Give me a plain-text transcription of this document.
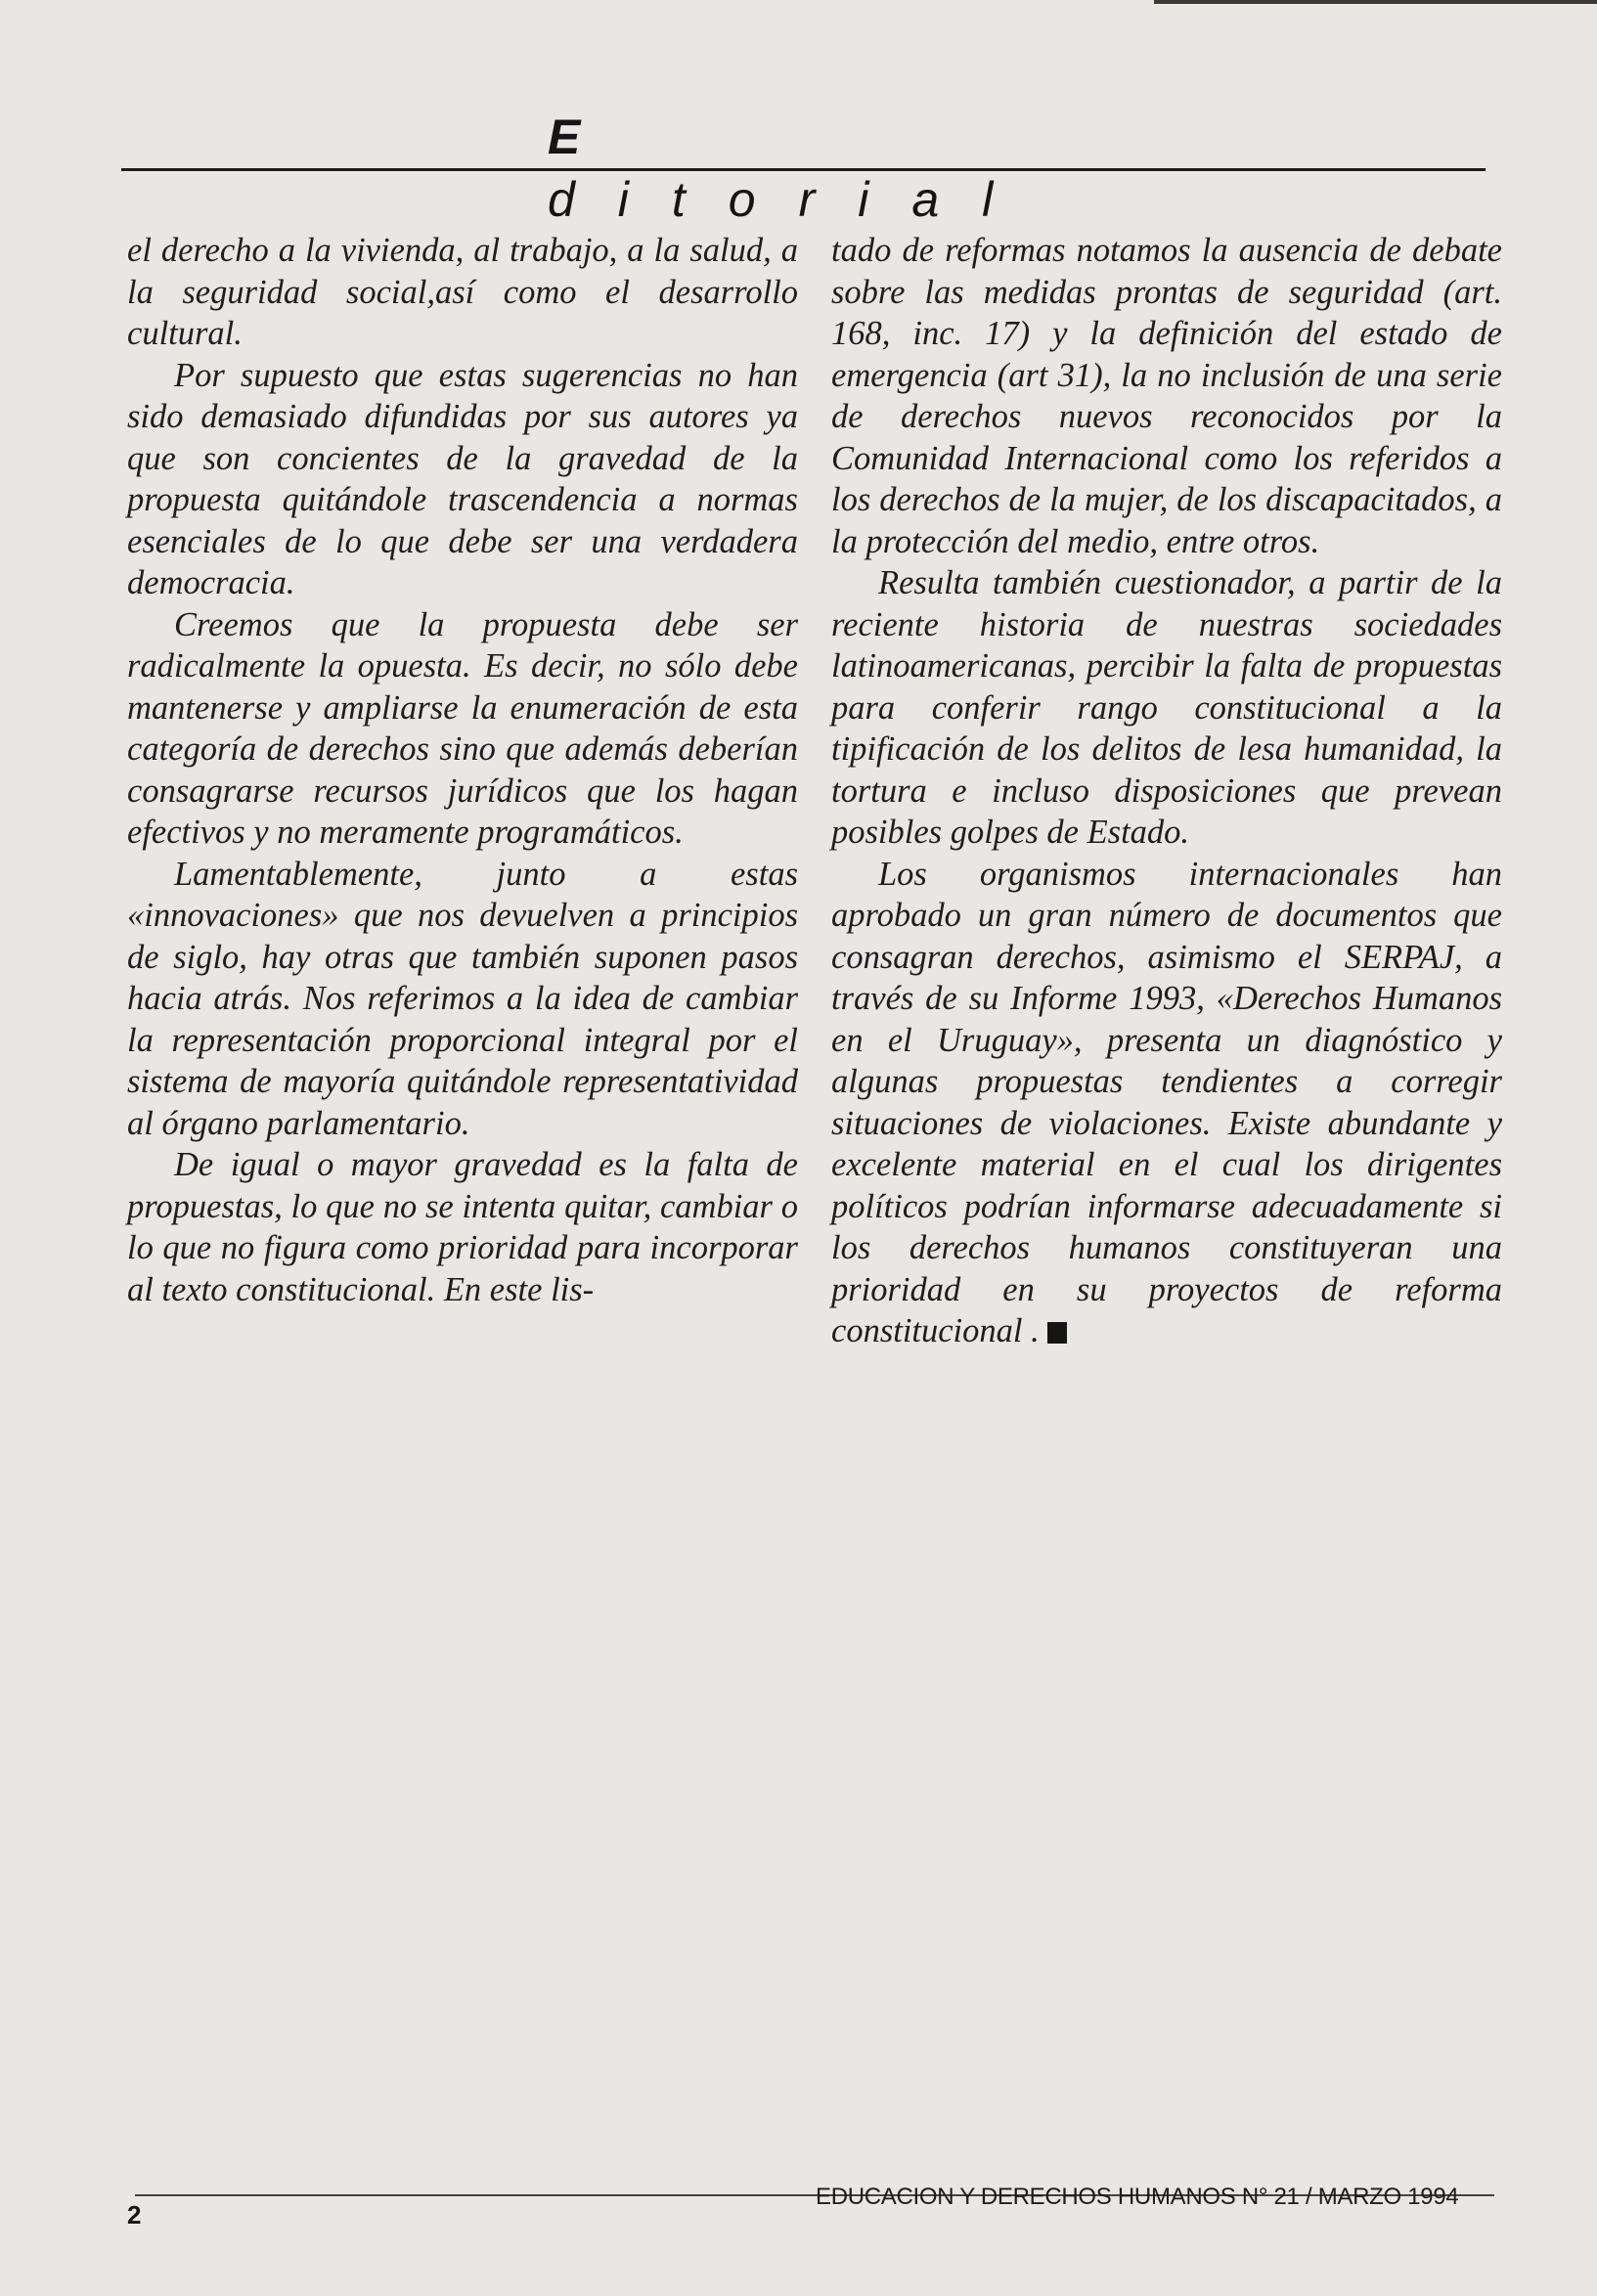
Editorial

el derecho a la vivienda, al trabajo, a la salud, a la seguridad social,así como el desarrollo cultural.

Por supuesto que estas sugerencias no han sido demasiado difundidas por sus autores ya que son concientes de la gravedad de la propuesta quitándole trascendencia a normas esenciales de lo que debe ser una verdadera democracia.

Creemos que la propuesta debe ser radicalmente la opuesta. Es decir, no sólo debe mantenerse y ampliarse la enumeración de esta categoría de derechos sino que además deberían consagrarse recursos jurídicos que los hagan efectivos y no meramente programáticos.

Lamentablemente, junto a estas «innovaciones» que nos devuelven a principios de siglo, hay otras que también suponen pasos hacia atrás. Nos referimos a la idea de cambiar la representación proporcional integral por el sistema de mayoría quitándole representatividad al órgano parlamentario.

De igual o mayor gravedad es la falta de propuestas, lo que no se intenta quitar, cambiar o lo que no figura como prioridad para incorporar al texto constitucional. En este lis-

tado de reformas notamos la ausencia de debate sobre las medidas prontas de seguridad (art. 168, inc. 17) y la definición del estado de emergencia (art 31), la no inclusión de una serie de derechos nuevos reconocidos por la Comunidad Internacional como los referidos a los derechos de la mujer, de los discapacitados, a la protección del medio, entre otros.

Resulta también cuestionador, a partir de la reciente historia de nuestras sociedades latinoamericanas, percibir la falta de propuestas para conferir rango constitucional a la tipificación de los delitos de lesa humanidad, la tortura e incluso disposiciones que prevean posibles golpes de Estado.

Los organismos internacionales han aprobado un gran número de documentos que consagran derechos, asimismo el SERPAJ, a través de su Informe 1993, «Derechos Humanos en el Uruguay», presenta un diagnóstico y algunas propuestas tendientes a corregir situaciones de violaciones. Existe abundante y excelente material en el cual los dirigentes políticos podrían informarse adecuadamente si los derechos humanos constituyeran una prioridad en su proyectos de reforma constitucional .

2
EDUCACION Y DERECHOS HUMANOS N° 21 / MARZO 1994
